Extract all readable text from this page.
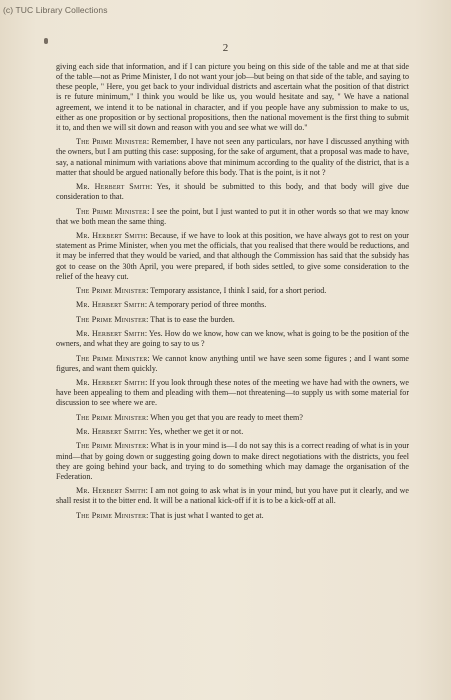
(c) TUC Library Collections
2

giving each side that information, and if I can picture you being on this side of the table and me at that side of the table—not as Prime Minister, I do not want your job—but being on that side of the table, and saying to these people, " Here, you get back to your individual districts and ascertain what the position of that district is re future minimum," I think you would be like us, you would hesitate and say, " We have a national agreement, we intend it to be national in character, and if you people have any submission to make to us, either as one proposition or by sectional propositions, then the national movement is the first thing to submit it to, and then we will sit down and reason with you and see what we will do."

The Prime Minister: Remember, I have not seen any particulars, nor have I discussed anything with the owners, but I am putting this case: supposing, for the sake of argument, that a proposal was made to have, say, a national minimum with variations above that minimum according to the quality of the district, that is a matter that should be argued nationally before this body. That is the point, is it not ?

Mr. Herbert Smith: Yes, it should be submitted to this body, and that body will give due consideration to that.

The Prime Minister: I see the point, but I just wanted to put it in other words so that we may know that we both mean the same thing.

Mr. Herbert Smith: Because, if we have to look at this position, we have always got to rest on your statement as Prime Minister, when you met the officials, that you realised that there would be reductions, and it may be inferred that they would be varied, and that although the Commission has said that the subsidy has got to cease on the 30th April, you were prepared, if both sides settled, to give some consideration to the relief of the heavy cut.

The Prime Minister: Temporary assistance, I think I said, for a short period.

Mr. Herbert Smith: A temporary period of three months.

The Prime Minister: That is to ease the burden.

Mr. Herbert Smith: Yes. How do we know, how can we know, what is going to be the position of the owners, and what they are going to say to us ?

The Prime Minister: We cannot know anything until we have seen some figures ; and I want some figures, and want them quickly.

Mr. Herbert Smith: If you look through these notes of the meeting we have had with the owners, we have been appealing to them and pleading with them—not threatening—to supply us with some material for discussion to see where we are.

The Prime Minister: When you get that you are ready to meet them?

Mr. Herbert Smith: Yes, whether we get it or not.

The Prime Minister: What is in your mind is—I do not say this is a correct reading of what is in your mind—that by going down or suggesting going down to make direct negotiations with the districts, you feel they are going behind your back, and trying to do something which may damage the organisation of the Federation.

Mr. Herbert Smith: I am not going to ask what is in your mind, but you have put it clearly, and we shall resist it to the bitter end. It will be a national kick-off if it is to be a kick-off at all.

The Prime Minister: That is just what I wanted to get at.
